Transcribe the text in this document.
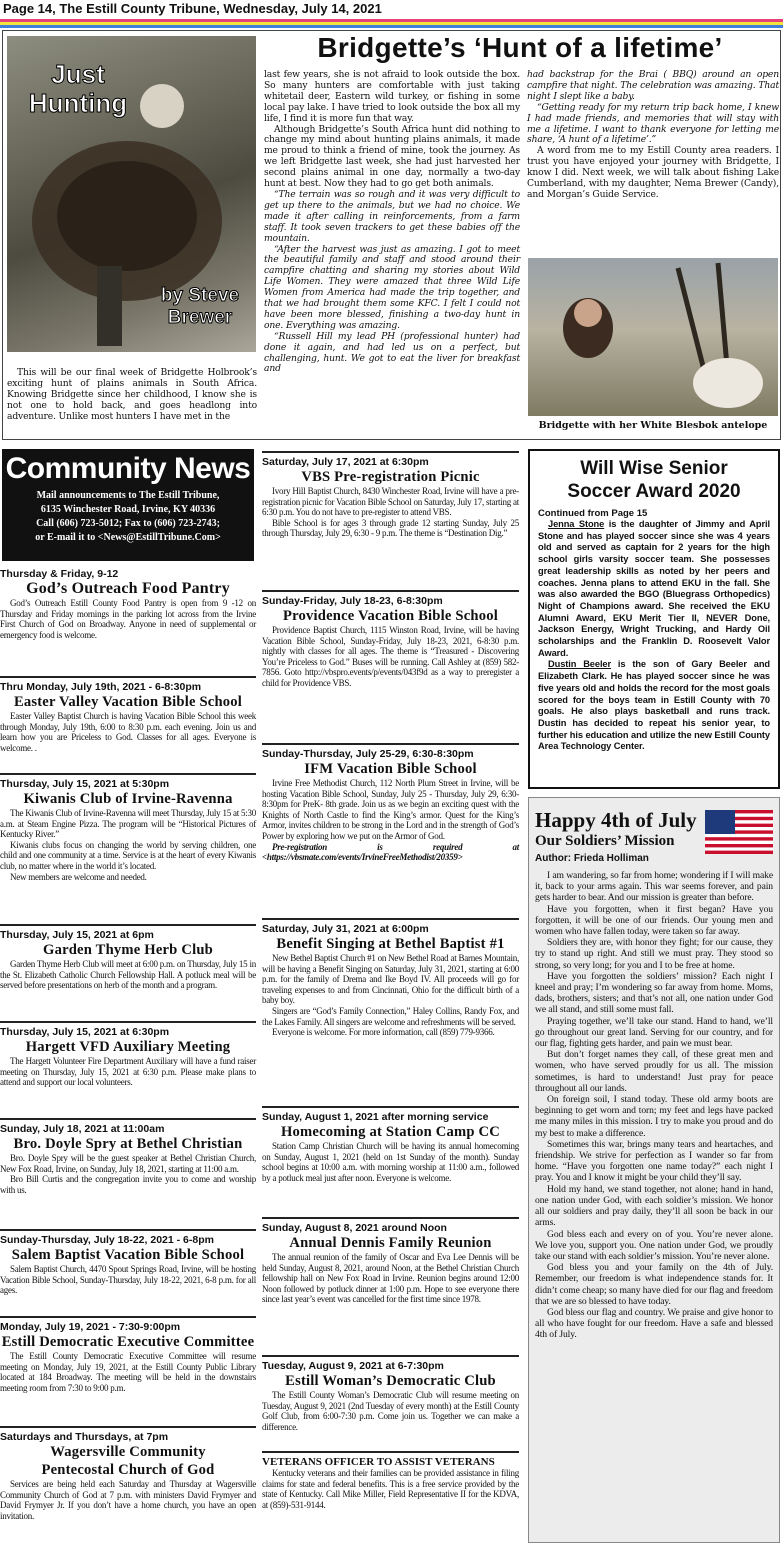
Page 14, The Estill County Tribune, Wednesday, July 14, 2021
Just Hunting
by Steve Brewer
Bridgette’s ‘Hunt of a lifetime’

This will be our final week of Bridgette Holbrook’s exciting hunt of plains animals in South Africa. Knowing Bridgette since her childhood, I know she is not one to hold back, and goes headlong into adventure. Unlike most hunters I have met in the

last few years, she is not afraid to look outside the box. So many hunters are comfortable with just taking whitetail deer, Eastern wild turkey, or fishing in some local pay lake. I have tried to look outside the box all my life, I find it is more fun that way.

Although Bridgette’s South Africa hunt did nothing to change my mind about hunting plains animals, it made me proud to think a friend of mine, took the journey. As we left Bridgette last week, she had just harvested her second plains animal in one day, normally a two-day hunt at best. Now they had to go get both animals.

“The terrain was so rough and it was very difficult to get up there to the animals, but we had no choice. We made it after calling in reinforcements, from a farm staff. It took seven trackers to get these babies off the mountain.

“After the harvest was just as amazing. I got to meet the beautiful family and staff and stood around their campfire chatting and sharing my stories about Wild Life Women. They were amazed that three Wild Life Women from America had made the trip together, and that we had brought them some KFC. I felt I could not have been more blessed, finishing a two-day hunt in one. Everything was amazing.

“Russell Hill my lead PH (professional hunter) had done it again, and had led us on a perfect, but challenging, hunt. We got to eat the liver for breakfast and

had backstrap for the Brai ( BBQ) around an open campfire that night. The celebration was amazing. That night I slept like a baby.

“Getting ready for my return trip back home, I knew I had made friends, and memories that will stay with me a lifetime. I want to thank everyone for letting me share, ‘A hunt of a lifetime’.”

A word from me to my Estill County area readers. I trust you have enjoyed your journey with Bridgette, I know I did. Next week, we will talk about fishing Lake Cumberland, with my daughter, Nema Brewer (Candy), and Morgan’s Guide Service.

Bridgette with her White Blesbok antelope
Community News
Mail announcements to The Estill Tribune,
6135 Winchester Road, Irvine, KY 40336
Call (606) 723-5012; Fax to (606) 723-2743;
or E-mail it to <News@EstillTribune.Com>
Thursday & Friday, 9-12
God’s Outreach Food Pantry

God’s Outreach Estill County Food Pantry is open from 9 -12 on Thursday and Friday mornings in the parking lot across from the Irvine First Church of God on Broadway. Anyone in need of supplemental or emergency food is welcome.

Thru Monday, July 19th, 2021 - 6-8:30pm
Easter Valley Vacation Bible School

Easter Valley Baptist Church is having Vacation Bible School this week through Monday, July 19th, 6:00 to 8:30 p.m. each evening. Join us and learn how you are Priceless to God. Classes for all ages. Everyone is welcome. .

Thursday, July 15, 2021 at 5:30pm
Kiwanis Club of Irvine-Ravenna

The Kiwanis Club of Irvine-Ravenna will meet Thursday, July 15 at 5:30 a.m. at Steam Engine Pizza. The program will be “Historical Pictures of Kentucky River.”

Kiwanis clubs focus on changing the world by serving children, one child and one community at a time. Service is at the heart of every Kiwanis club, no matter where in the world it’s located.

New members are welcome and needed.

Thursday, July 15, 2021 at 6pm
Garden Thyme Herb Club

Garden Thyme Herb Club will meet at 6:00 p.m. on Thursday, July 15 in the St. Elizabeth Catholic Church Fellowship Hall. A potluck meal will be served before presentations on herb of the month and a program.

Thursday, July 15, 2021 at 6:30pm
Hargett VFD Auxiliary Meeting

The Hargett Volunteer Fire Department Auxiliary will have a fund raiser meeting on Thursday, July 15, 2021 at 6:30 p.m. Please make plans to attend and support our local volunteers.

Sunday, July 18, 2021 at 11:00am
Bro. Doyle Spry at Bethel Christian

Bro. Doyle Spry will be the guest speaker at Bethel Christian Church, New Fox Road, Irvine, on Sunday, July 18, 2021, starting at 11:00 a.m.

Bro Bill Curtis and the congregation invite you to come and worship with us.

Sunday-Thursday, July 18-22, 2021 - 6-8pm
Salem Baptist Vacation Bible School

Salem Baptist Church, 4470 Spout Springs Road, Irvine, will be hosting Vacation Bible School, Sunday-Thursday, July 18-22, 2021, 6-8 p.m. for all ages.

Monday, July 19, 2021 - 7:30-9:00pm
Estill Democratic Executive Committee

The Estill County Democratic Executive Committee will resume meeting on Monday, July 19, 2021, at the Estill County Public Library located at 184 Broadway. The meeting will be held in the downstairs meeting room from 7:30 to 9:00 p.m.

Saturdays and Thursdays, at 7pm
Wagersville Community
Pentecostal Church of God

Services are being held each Saturday and Thursday at Wagersville Community Church of God at 7 p.m. with ministers David Frymyer and David Frymyer Jr. If you don’t have a home church, you have an open invitation.

Saturday, July 17, 2021 at 6:30pm
VBS Pre-registration Picnic

Ivory Hill Baptist Church, 8430 Winchester Road, Irvine will have a pre-registration picnic for Vacation Bible School on Saturday, July 17, starting at 6:30 p.m. You do not have to pre-register to attend VBS.

Bible School is for ages 3 through grade 12 starting Sunday, July 25 through Thursday, July 29, 6:30 - 9 p.m. The theme is “Destination Dig.”

Sunday-Friday, July 18-23, 6-8:30pm
Providence Vacation Bible School

Providence Baptist Church, 1115 Winston Road, Irvine, will be having Vacation Bible School, Sunday-Friday, July 18-23, 2021, 6-8:30 p.m. nightly with classes for all ages. The theme is “Treasured - Discovering You’re Priceless to God.” Buses will be running. Call Ashley at (859) 582-7856. Goto http://vbspro.events/p/events/043f9d as a way to preregister a child for Providence VBS.

Sunday-Thursday, July 25-29, 6:30-8:30pm
IFM Vacation Bible School

Irvine Free Methodist Church, 112 North Plum Street in Irvine, will be hosting Vacation Bible School, Sunday, July 25 - Thursday, July 29, 6:30-8:30pm for PreK- 8th grade. Join us as we begin an exciting quest with the Knights of North Castle to find the King’s armor. Quest for the King’s Armor, invites children to be strong in the Lord and in the strength of God’s Power by exploring how we put on the Armor of God.

Pre-registration is required at <https://vbsmate.com/events/IrvineFreeMethodist/20359>

Saturday, July 31, 2021 at 6:00pm
Benefit Singing at Bethel Baptist #1

New Bethel Baptist Church #1 on New Bethel Road at Barnes Mountain, will be having a Benefit Singing on Saturday, July 31, 2021, starting at 6:00 p.m. for the family of Drema and Ike Boyd IV. All proceeds will go for traveling expenses to and from Cincinnati, Ohio for the difficult birth of a baby boy.

Singers are “God’s Family Connection,” Haley Collins, Randy Fox, and the Lakes Family. All singers are welcome and refreshments will be served.

Everyone is welcome. For more information, call (859) 779-9366.

Sunday, August 1, 2021 after morning service
Homecoming at Station Camp CC

Station Camp Christian Church will be having its annual homecoming on Sunday, August 1, 2021 (held on 1st Sunday of the month). Sunday school begins at 10:00 a.m. with morning worship at 11:00 a.m., followed by a potluck meal just after noon. Everyone is welcome.

Sunday, August 8, 2021 around Noon
Annual Dennis Family Reunion

The annual reunion of the family of Oscar and Eva Lee Dennis will be held Sunday, August 8, 2021, around Noon, at the Bethel Christian Church fellowship hall on New Fox Road in Irvine. Reunion begins around 12:00 Noon followed by potluck dinner at 1:00 p.m. Hope to see everyone there since last year’s event was cancelled for the first time since 1978.

Tuesday, August 9, 2021 at 6-7:30pm
Estill Woman’s Democratic Club

The Estill County Woman’s Democratic Club will resume meeting on Tuesday, August 9, 2021 (2nd Tuesday of every month) at the Estill County Golf Club, from 6:00-7:30 p.m. Come join us. Together we can make a difference.

VETERANS OFFICER TO ASSIST VETERANS

Kentucky veterans and their families can be provided assistance in filing claims for state and federal benefits. This is a free service provided by the state of Kentucky. Call Mike Miller, Field Representative II for the KDVA, at (859)-531-9144.

Will Wise Senior
Soccer Award 2020
Continued from Page 15

Jenna Stone is the daughter of Jimmy and April Stone and has played soccer since she was 4 years old and served as captain for 2 years for the high school girls varsity soccer team. She possesses great leadership skills as noted by her peers and coaches. Jenna plans to attend EKU in the fall. She was also awarded the BGO (Bluegrass Orthopedics) Night of Champions award. She received the EKU Alumni Award, EKU Merit Tier II, NEVER Done, Jackson Energy, Wright Trucking, and Hardy Oil scholarships and the Franklin D. Roosevelt Valor Award.

Dustin Beeler is the son of Gary Beeler and Elizabeth Clark. He has played soccer since he was five years old and holds the record for the most goals scored for the boys team in Estill County with 70 goals. He also plays basketball and runs track. Dustin has decided to repeat his senior year, to further his education and utilize the new Estill County Area Technology Center.

Happy 4th of July
Our Soldiers’ Mission
Author: Frieda Holliman

I am wandering, so far from home; wondering if I will make it, back to your arms again. This war seems forever, and pain gets harder to bear. And our mission is greater than before.

Have you forgotten, when it first began? Have you forgotten, it will be one of our friends. Our young men and women who have fallen today, were taken so far away.

Soldiers they are, with honor they fight; for our cause, they try to stand up right. And still we must pray. They stood so strong, so very long; for you and I to be free at home.

Have you forgotten the soldiers’ mission? Each night I kneel and pray; I’m wondering so far away from home. Moms, dads, brothers, sisters; and that’s not all, one nation under God we all stand, and still some must fall.

Praying together, we’ll take our stand. Hand to hand, we’ll go throughout our great land. Serving for our country, and for our flag, fighting gets harder, and pain we must bear.

But don’t forget names they call, of these great men and women, who have served proudly for us all. The mission sometimes, is hard to understand! Just pray for peace throughout all our lands.

On foreign soil, I stand today. These old army boots are beginning to get worn and torn; my feet and legs have packed me many miles in this mission. I try to make you proud and do my best to make a difference.

Sometimes this war, brings many tears and heartaches, and friendship. We strive for perfection as I wander so far from home. “Have you forgotten one name today?” each night I pray. You and I know it might be your child they’ll say.

Hold my hand, we stand together, not alone; hand in hand, one nation under God, with each soldier’s mission. We honor all our soldiers and pray daily, they’ll all soon be back in our arms.

God bless each and every on of you. You’re never alone. We love you, support you. One nation under God, we proudly take our stand with each soldier’s mission. You’re never alone.

God bless you and your family on the 4th of July. Remember, our freedom is what independence stands for. It didn’t come cheap; so many have died for our flag and freedom that we are so blessed to have today.

God bless our flag and country. We praise and give honor to all who have fought for our freedom. Have a safe and blessed 4th of July.
